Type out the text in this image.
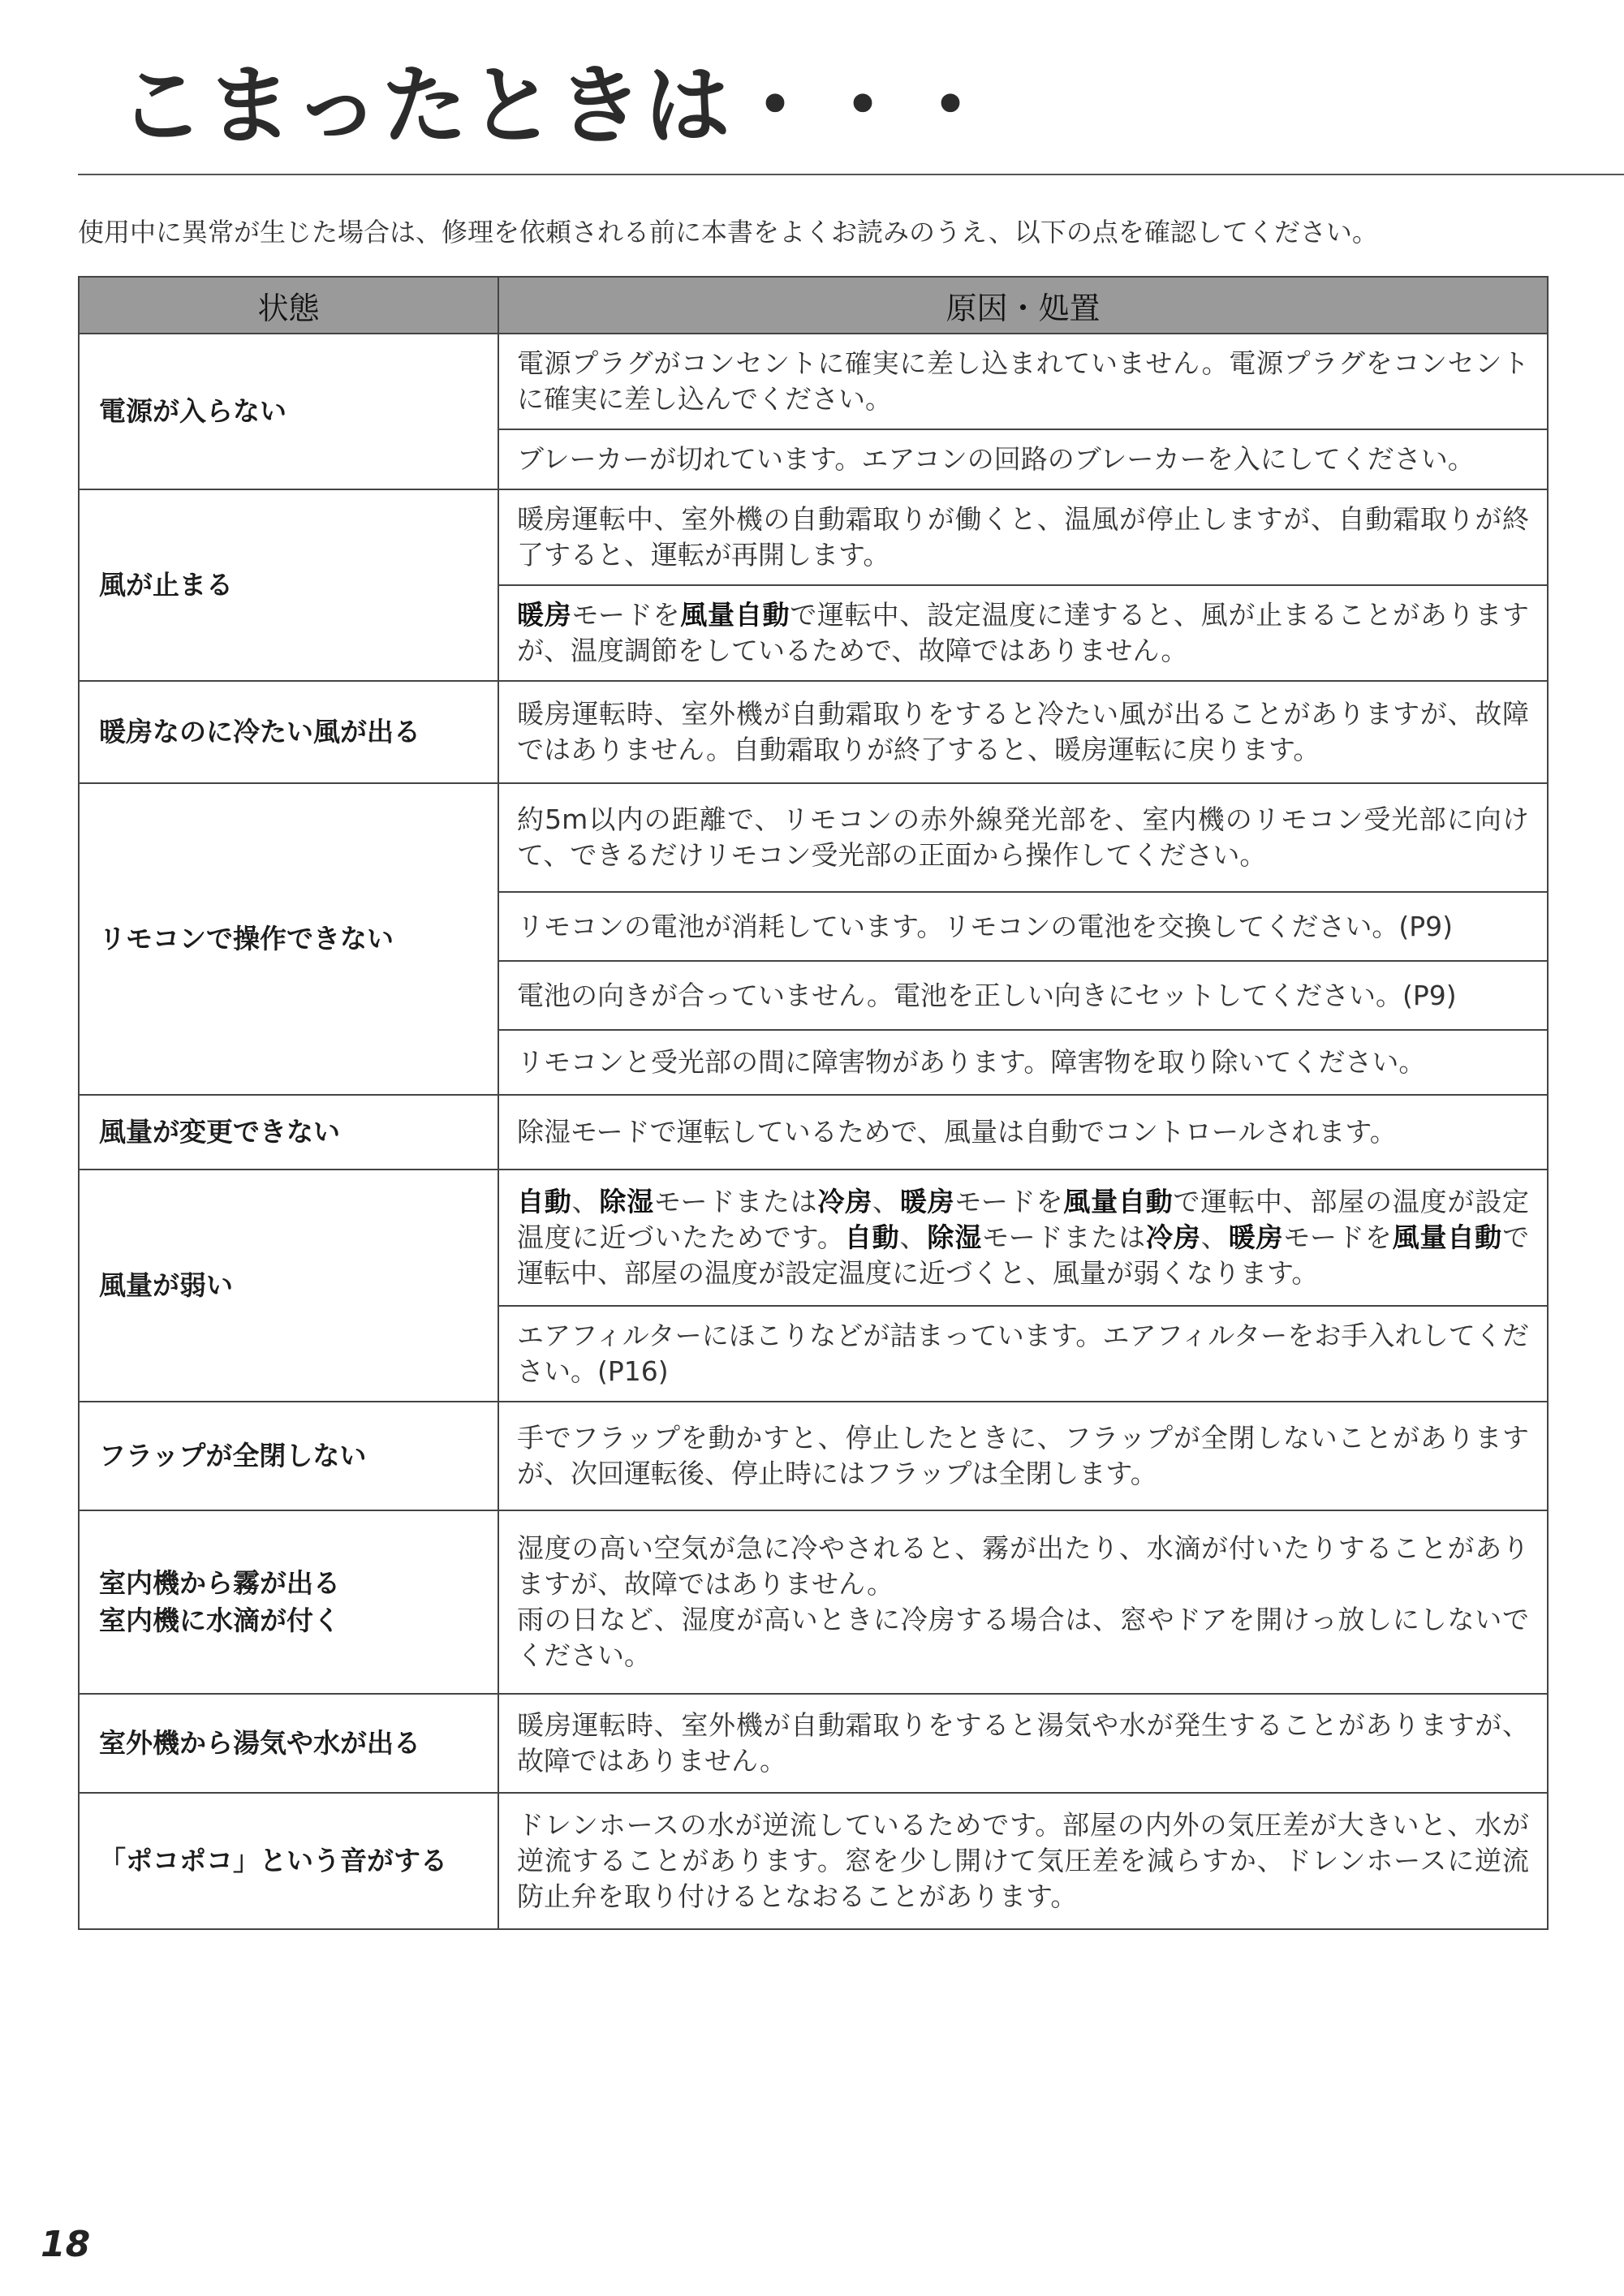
こまったときは・・・
使用中に異常が生じた場合は、修理を依頼される前に本書をよくお読みのうえ、以下の点を確認してください。
状態	原因・処置
電源が入らない	電源プラグがコンセントに確実に差し込まれていません。電源プラグをコンセントに確実に差し込んでください。
	ブレーカーが切れています。エアコンの回路のブレーカーを入にしてください。
風が止まる	暖房運転中、室外機の自動霜取りが働くと、温風が停止しますが、自動霜取りが終了すると、運転が再開します。
	暖房モードを風量自動で運転中、設定温度に達すると、風が止まることがありますが、温度調節をしているためで、故障ではありません。
暖房なのに冷たい風が出る	暖房運転時、室外機が自動霜取りをすると冷たい風が出ることがありますが、故障ではありません。自動霜取りが終了すると、暖房運転に戻ります。
リモコンで操作できない	約5m以内の距離で、リモコンの赤外線発光部を、室内機のリモコン受光部に向けて、できるだけリモコン受光部の正面から操作してください。
	リモコンの電池が消耗しています。リモコンの電池を交換してください。(P9)
	電池の向きが合っていません。電池を正しい向きにセットしてください。(P9)
	リモコンと受光部の間に障害物があります。障害物を取り除いてください。
風量が変更できない	除湿モードで運転しているためで、風量は自動でコントロールされます。
風量が弱い	自動、除湿モードまたは冷房、暖房モードを風量自動で運転中、部屋の温度が設定温度に近づいたためです。自動、除湿モードまたは冷房、暖房モードを風量自動で運転中、部屋の温度が設定温度に近づくと、風量が弱くなります。
	エアフィルターにほこりなどが詰まっています。エアフィルターをお手入れしてください。(P16)
フラップが全閉しない	手でフラップを動かすと、停止したときに、フラップが全閉しないことがありますが、次回運転後、停止時にはフラップは全閉します。

室内機から霧が出る
室内機に水滴が付く	湿度の高い空気が急に冷やされると、霧が出たり、水滴が付いたりすることがありますが、故障ではありません。
雨の日など、湿度が高いときに冷房する場合は、窓やドアを開けっ放しにしないでください。

室外機から湯気や水が出る	暖房運転時、室外機が自動霜取りをすると湯気や水が発生することがありますが、故障ではありません。
「ポコポコ」という音がする	ドレンホースの水が逆流しているためです。部屋の内外の気圧差が大きいと、水が逆流することがあります。窓を少し開けて気圧差を減らすか、ドレンホースに逆流防止弁を取り付けるとなおることがあります。
18
